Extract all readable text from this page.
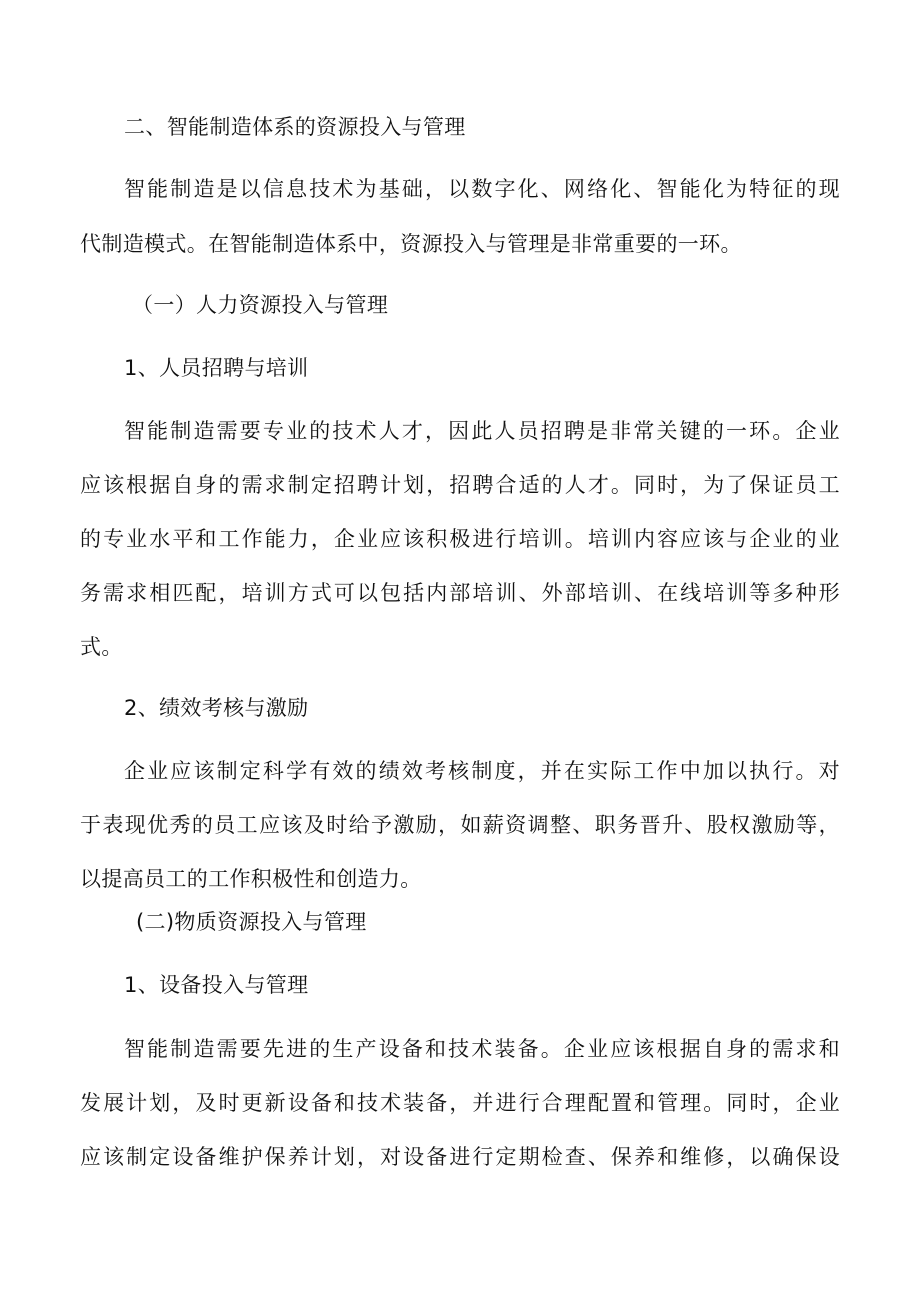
二、智能制造体系的资源投入与管理

智能制造是以信息技术为基础，以数字化、网络化、智能化为特征的现

代制造模式。在智能制造体系中，资源投入与管理是非常重要的一环。

（一）人力资源投入与管理

1、人员招聘与培训

智能制造需要专业的技术人才，因此人员招聘是非常关键的一环。企业

应该根据自身的需求制定招聘计划，招聘合适的人才。同时，为了保证员工

的专业水平和工作能力，企业应该积极进行培训。培训内容应该与企业的业

务需求相匹配，培训方式可以包括内部培训、外部培训、在线培训等多种形

式。

2、绩效考核与激励

企业应该制定科学有效的绩效考核制度，并在实际工作中加以执行。对

于表现优秀的员工应该及时给予激励，如薪资调整、职务晋升、股权激励等，

以提高员工的工作积极性和创造力。

(二)物质资源投入与管理

1、设备投入与管理

智能制造需要先进的生产设备和技术装备。企业应该根据自身的需求和

发展计划，及时更新设备和技术装备，并进行合理配置和管理。同时，企业

应该制定设备维护保养计划，对设备进行定期检查、保养和维修，以确保设
